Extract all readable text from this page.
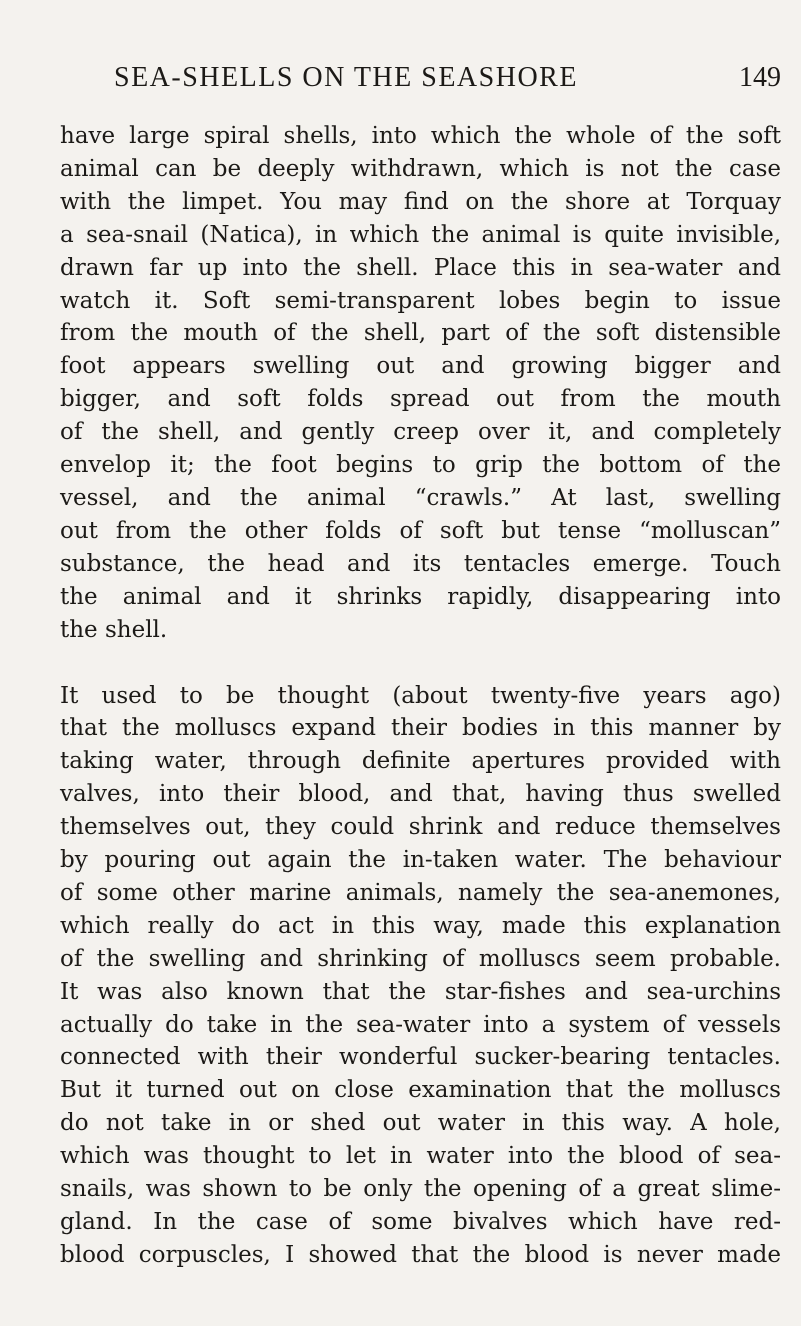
SEA-SHELLS ON THE SEASHORE	149

have large spiral shells, into which the whole of the soft
animal can be deeply withdrawn, which is not the case
with the limpet. You may find on the shore at Torquay
a sea-snail (Natica), in which the animal is quite invisible,
drawn far up into the shell. Place this in sea-water and
watch it. Soft semi-transparent lobes begin to issue
from the mouth of the shell, part of the soft distensible
foot appears swelling out and growing bigger and
bigger, and soft folds spread out from the mouth
of the shell, and gently creep over it, and completely
envelop it; the foot begins to grip the bottom of the
vessel, and the animal “crawls.” At last, swelling
out from the other folds of soft but tense “molluscan”
substance, the head and its tentacles emerge. Touch
the animal and it shrinks rapidly, disappearing into
the shell.

It used to be thought (about twenty-five years ago)
that the molluscs expand their bodies in this manner by
taking water, through definite apertures provided with
valves, into their blood, and that, having thus swelled
themselves out, they could shrink and reduce themselves
by pouring out again the in-taken water. The behaviour
of some other marine animals, namely the sea-anemones,
which really do act in this way, made this explanation
of the swelling and shrinking of molluscs seem probable.
It was also known that the star-fishes and sea-urchins
actually do take in the sea-water into a system of vessels
connected with their wonderful sucker-bearing tentacles.
But it turned out on close examination that the molluscs
do not take in or shed out water in this way. A hole,
which was thought to let in water into the blood of sea-
snails, was shown to be only the opening of a great slime-
gland. In the case of some bivalves which have red-
blood corpuscles, I showed that the blood is never made
